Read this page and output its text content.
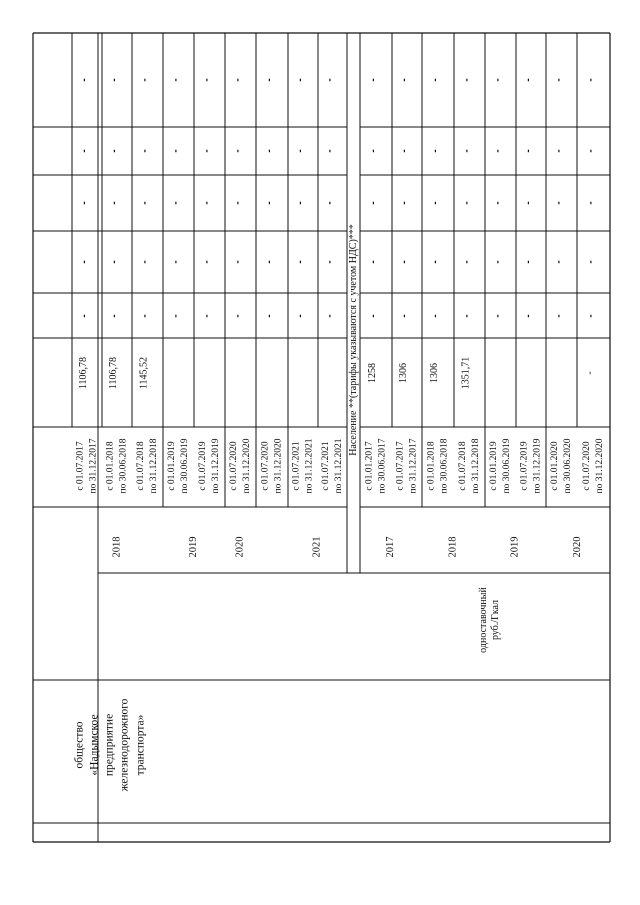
общество «Надымское предприятие железнодорожного транспорта»
одноставочный руб./Гкал
Население **(тарифы указываются с учетом НДС)***
2018
с 01.07.2017 по 31.12.2017
1106,78
-
-
-
-
-
с 01.01.2018 по 30.06.2018
1106,78
-
-
-
-
-
с 01.07.2018 по 31.12.2018
1145,52
-
-
-
-
-
2019
с 01.01.2019 по 30.06.2019
-
-
-
-
-
с 01.07.2019 по 31.12.2019
-
-
-
-
-
2020
с 01.07.2020 по 31.12.2020
-
-
-
-
-
с 01.07.2020 по 31.12.2020
-
-
-
-
-
2021
с 01.07.2021 по 31.12.2021
-
-
-
-
-
с 01.07.2021 по 31.12.2021
-
-
-
-
-
2017
с 01.01.2017 по 30.06.2017
1258
-
-
-
-
-
с 01.07.2017 по 31.12.2017
1306
-
-
-
-
-
2018
с 01.01.2018 по 30.06.2018
1306
-
-
-
-
-
с 01.07.2018 по 31.12.2018
1351,71
-
-
-
-
-
2019
с 01.01.2019 по 30.06.2019
-
-
-
-
-
с 01.07.2019 по 31.12.2019
-
-
-
-
-
2020
с 01.01.2020 по 30.06.2020
-
-
-
-
-
с 01.07.2020 по 31.12.2020
-
-
-
-
-
-
